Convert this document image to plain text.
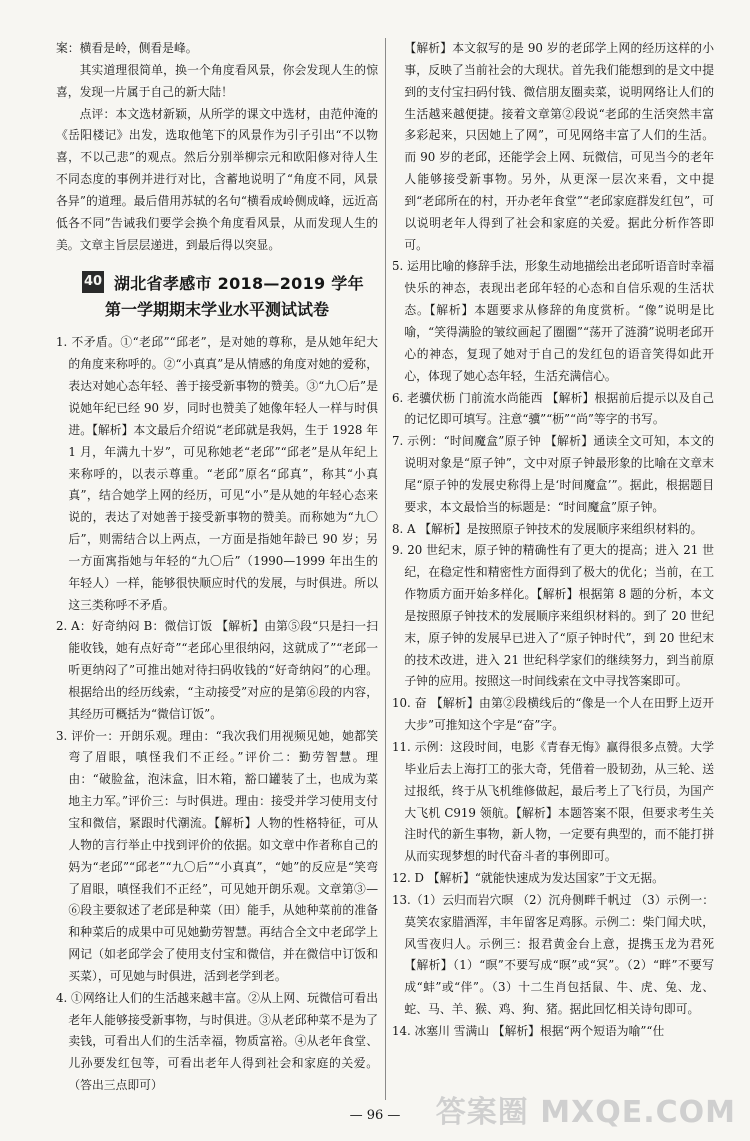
案：横看是岭，侧看是峰。

其实道理很简单，换一个角度看风景，你会发现人生的惊喜，发现一片属于自己的新大陆！

点评：本文选材新颖，从所学的课文中选材，由范仲淹的《岳阳楼记》出发，选取他笔下的风景作为引子引出“不以物喜，不以己悲”的观点。然后分别举柳宗元和欧阳修对待人生不同态度的事例并进行对比，含蓄地说明了“角度不同，风景各异”的道理。最后借用苏轼的名句“横看成岭侧成峰，远近高低各不同”告诫我们要学会换个角度看风景，从而发现人生的美。文章主旨层层递进，到最后得以突显。

40 湖北省孝感市 2018—2019 学年
第一学期期末学业水平测试试卷

1. 不矛盾。①“老邱”“邱老”，是对她的尊称，是从她年纪大的角度来称呼的。②“小真真”是从情感的角度对她的爱称，表达对她心态年轻、善于接受新事物的赞美。③“九〇后”是说她年纪已经 90 岁，同时也赞美了她像年轻人一样与时俱进。【解析】本文最后介绍说“老邱就是我妈，生于 1928 年 1 月，年满九十岁”，可见称她老“老邱”“邱老”是从年纪上来称呼的，以表示尊重。“老邱”原名“邱真”，称其“小真真”，结合她学上网的经历，可见“小”是从她的年轻心态来说的，表达了对她善于接受新事物的赞美。而称她为“九〇后”，则需结合以上两点，一方面是指她年龄已 90 岁；另一方面寓指她与年轻的“九〇后”（1990—1999 年出生的年轻人）一样，能够很快顺应时代的发展，与时俱进。所以这三类称呼不矛盾。

2. A：好奇纳闷 B：微信订饭 【解析】由第⑤段“只是扫一扫能收钱，她有点好奇”“老邱心里很纳闷，这就成了”“老邱一听更纳闷了”可推出她对待扫码收钱的“好奇纳闷”的心理。根据给出的经历线索，“主动接受”对应的是第⑥段的内容，其经历可概括为“微信订饭”。

3. 评价一：开朗乐观。理由：“我次我们用视频见她，她都笑弯了眉眼，嗔怪我们不正经。”评价二：勤劳智慧。理由：“破脸盆，泡沫盒，旧木箱，豁口罐装了土，也成为菜地主力军。”评价三：与时俱进。理由：接受并学习使用支付宝和微信，紧跟时代潮流。【解析】人物的性格特征，可从人物的言行举止中找到评价的依据。如文章中作者称自己的妈为“老邱”“邱老”“九〇后”“小真真”，“她”的反应是“笑弯了眉眼，嗔怪我们不正经”，可见她开朗乐观。文章第③—⑥段主要叙述了老邱是种菜（田）能手，从她种菜前的准备和种菜后的成果中可见她勤劳智慧。再结合全文中老邱学上网记（如老邱学会了使用支付宝和微信，并在微信中订饭和买菜），可见她与时俱进，活到老学到老。

4. ①网络让人们的生活越来越丰富。②从上网、玩微信可看出老年人能够接受新事物，与时俱进。③从老邱种菜不是为了卖钱，可看出人们的生活幸福，物质富裕。④从老年食堂、儿孙要发红包等，可看出老年人得到社会和家庭的关爱。（答出三点即可）

【解析】本文叙写的是 90 岁的老邱学上网的经历这样的小事，反映了当前社会的大现状。首先我们能想到的是文中提到的支付宝扫码付钱、微信朋友圈卖菜，说明网络让人们的生活越来越便捷。接着文章第②段说“老邱的生活突然丰富多彩起来，只因她上了网”，可见网络丰富了人们的生活。而 90 岁的老邱，还能学会上网、玩微信，可见当今的老年人能够接受新事物。另外，从更深一层次来看，文中提到“老邱所在的村，开办老年食堂”“老邱家庭群发红包”，可以说明老年人得到了社会和家庭的关爱。据此分析作答即可。

5. 运用比喻的修辞手法，形象生动地描绘出老邱听语音时幸福快乐的神态，表现出老邱年轻的心态和自信乐观的生活状态。【解析】本题要求从修辞的角度赏析。“像”说明是比喻，“笑得满脸的皱纹画起了圈圈”“荡开了涟漪”说明老邱开心的神态，复现了她对于自己的发红包的语音笑得如此开心，体现了她心态年轻，生活充满信心。

6. 老骥伏枥 门前流水尚能西 【解析】根据前后提示以及自己的记忆即可填写。注意“骥”“枥”“尚”等字的书写。

7. 示例：“时间魔盒”原子钟 【解析】通读全文可知，本文的说明对象是“原子钟”，文中对原子钟最形象的比喻在文章末尾“原子钟的发展史称得上是‘时间魔盒’”。据此，根据题目要求，本文最恰当的标题是：“时间魔盒”原子钟。

8. A 【解析】是按照原子钟技术的发展顺序来组织材料的。

9. 20 世纪末，原子钟的精确性有了更大的提高；进入 21 世纪，在稳定性和精密性方面得到了极大的优化；当前，在工作物质方面开始多样化。【解析】根据第 8 题的分析，本文是按照原子钟技术的发展顺序来组织材料的。到了 20 世纪末，原子钟的发展早已进入了“原子钟时代”，到 20 世纪末的技术改进，进入 21 世纪科学家们的继续努力，到当前原子钟的应用。按照这一时间线索在文中寻找答案即可。

10. 奋 【解析】由第②段横线后的“像是一个人在田野上迈开大步”可推知这个字是“奋”字。

11. 示例：这段时间，电影《青春无悔》赢得很多点赞。大学毕业后去上海打工的张大奇，凭借着一股韧劲，从三轮、送过报纸，终于从飞机维修做起，最后考上了飞行员，为国产大飞机 C919 领航。【解析】本题答案不限，但要求考生关注时代的新生事物，新人物，一定要有典型的，而不能打拼从而实现梦想的时代奋斗者的事例即可。

12. D 【解析】“就能快速成为发达国家”于文无据。

13.（1）云归而岩穴暝 （2）沉舟侧畔千帆过 （3）示例一：莫笑农家腊酒浑，丰年留客足鸡豚。示例二：柴门闻犬吠，风雪夜归人。示例三：报君黄金台上意，提携玉龙为君死 【解析】（1）“暝”不要写成“暝”或“冥”。（2）“畔”不要写成“蚌”或“伴”。（3）十二生肖包括鼠、牛、虎、兔、龙、蛇、马、羊、猴、鸡、狗、猪。据此回忆相关诗句即可。

14. 冰塞川 雪满山 【解析】根据“两个短语为喻”“仕

— 96 —	答案圈 MXQE.COM
